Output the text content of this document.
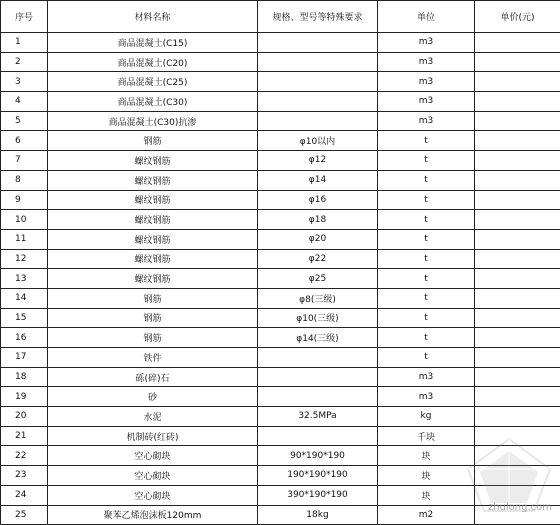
序号	材料名称	规格、型号等特殊要求	单位	单价(元)
1	商品混凝土(C15)		m3	
2	商品混凝土(C20)		m3	
3	商品混凝土(C25)		m3	
4	商品混凝土(C30)		m3	
5	商品混凝土(C30)抗渗		m3	
6	钢筋	φ10以内	t	
7	螺纹钢筋	φ12	t	
8	螺纹钢筋	φ14	t	
9	螺纹钢筋	φ16	t	
10	螺纹钢筋	φ18	t	
11	螺纹钢筋	φ20	t	
12	螺纹钢筋	φ22	t	
13	螺纹钢筋	φ25	t	
14	钢筋	φ8(三级)	t	
15	钢筋	φ10(三级)	t	
16	钢筋	φ14(三级)	t	
17	铁件		t	
18	砾(碎)石		m3	
19	砂		m3	
20	水泥	32.5MPa	kg	
21	机制砖(红砖)		千块	
22	空心砌块	90*190*190	块	
23	空心砌块	190*190*190	块	
24	空心砌块	390*190*190	块	
25	聚苯乙烯泡沫板120mm	18kg	m2	
zhulong.com
